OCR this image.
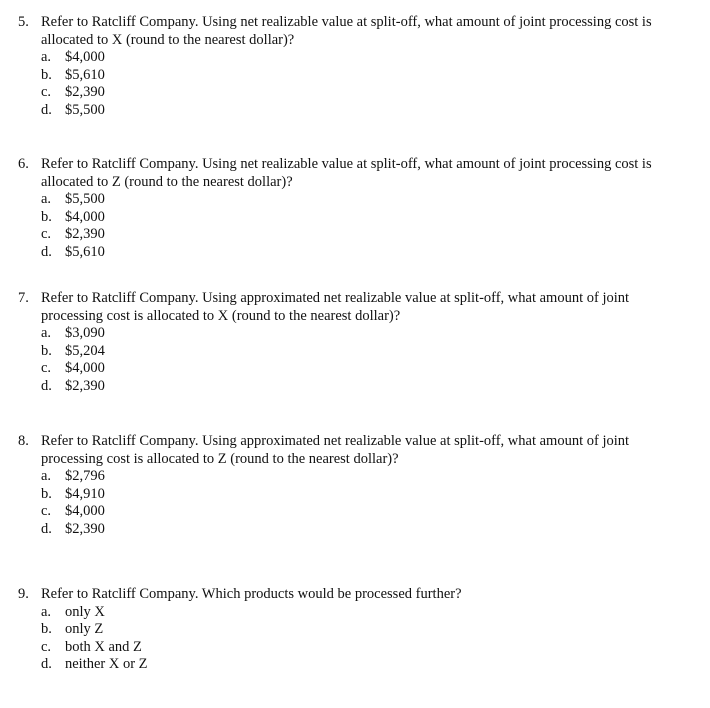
5. Refer to Ratcliff Company. Using net realizable value at split-off, what amount of joint processing cost is allocated to X (round to the nearest dollar)?
a. $4,000
b. $5,610
c. $2,390
d. $5,500
6. Refer to Ratcliff Company. Using net realizable value at split-off, what amount of joint processing cost is allocated to Z (round to the nearest dollar)?
a. $5,500
b. $4,000
c. $2,390
d. $5,610
7. Refer to Ratcliff Company. Using approximated net realizable value at split-off, what amount of joint processing cost is allocated to X (round to the nearest dollar)?
a. $3,090
b. $5,204
c. $4,000
d. $2,390
8. Refer to Ratcliff Company. Using approximated net realizable value at split-off, what amount of joint processing cost is allocated to Z (round to the nearest dollar)?
a. $2,796
b. $4,910
c. $4,000
d. $2,390
9. Refer to Ratcliff Company. Which products would be processed further?
a. only X
b. only Z
c. both X and Z
d. neither X or Z
